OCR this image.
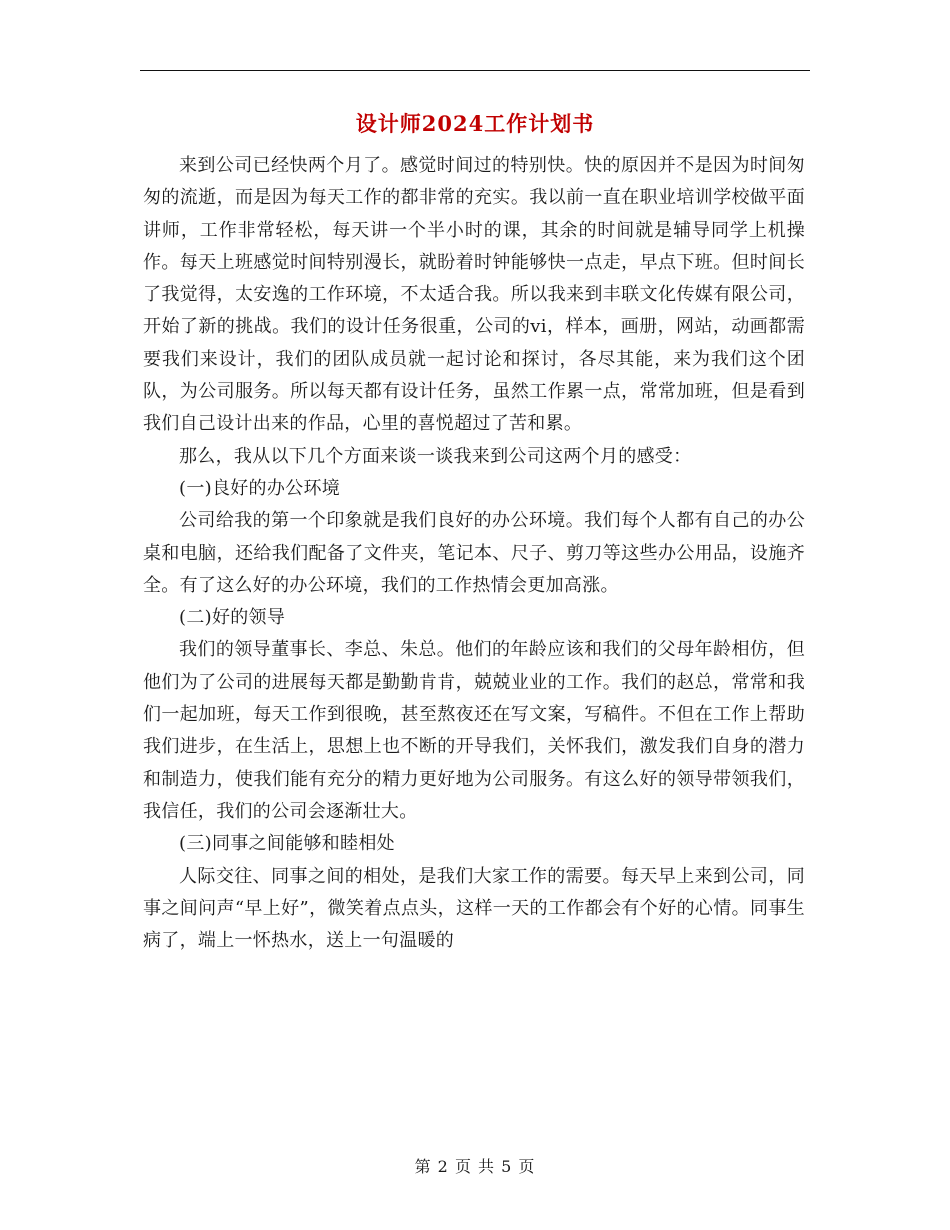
设计师2024工作计划书

来到公司已经快两个月了。感觉时间过的特别快。快的原因并不是因为时间匆匆的流逝，而是因为每天工作的都非常的充实。我以前一直在职业培训学校做平面讲师，工作非常轻松，每天讲一个半小时的课，其余的时间就是辅导同学上机操作。每天上班感觉时间特别漫长，就盼着时钟能够快一点走，早点下班。但时间长了我觉得，太安逸的工作环境，不太适合我。所以我来到丰联文化传媒有限公司，开始了新的挑战。我们的设计任务很重，公司的vi，样本，画册，网站，动画都需要我们来设计，我们的团队成员就一起讨论和探讨，各尽其能，来为我们这个团队，为公司服务。所以每天都有设计任务，虽然工作累一点，常常加班，但是看到我们自己设计出来的作品，心里的喜悦超过了苦和累。

那么，我从以下几个方面来谈一谈我来到公司这两个月的感受：

(一)良好的办公环境

公司给我的第一个印象就是我们良好的办公环境。我们每个人都有自己的办公桌和电脑，还给我们配备了文件夹，笔记本、尺子、剪刀等这些办公用品，设施齐全。有了这么好的办公环境，我们的工作热情会更加高涨。

(二)好的领导

我们的领导董事长、李总、朱总。他们的年龄应该和我们的父母年龄相仿，但他们为了公司的进展每天都是勤勤肯肯，兢兢业业的工作。我们的赵总，常常和我们一起加班，每天工作到很晚，甚至熬夜还在写文案，写稿件。不但在工作上帮助我们进步，在生活上，思想上也不断的开导我们，关怀我们，激发我们自身的潜力和制造力，使我们能有充分的精力更好地为公司服务。有这么好的领导带领我们，我信任，我们的公司会逐渐壮大。

(三)同事之间能够和睦相处

人际交往、同事之间的相处，是我们大家工作的需要。每天早上来到公司，同事之间问声“早上好”，微笑着点点头，这样一天的工作都会有个好的心情。同事生病了，端上一怀热水，送上一句温暖的

第 2 页 共 5 页
